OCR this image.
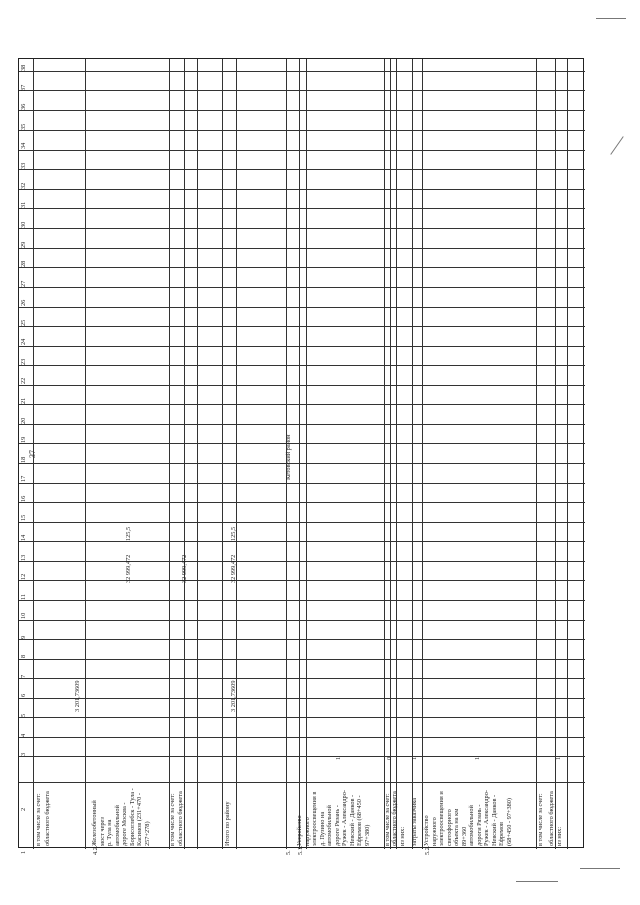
37
1
2
3
4
5
6
7
8
9
10
11
12
13
14
15
16
17
18
19
20
21
22
23
24
25
26
27
28
29
30
31
32
33
34
35
36
37
38
в том числе за счет: областного бюджета
3 201,73609
4.2.
Железобетонный
мост через
р. Тула на
автомобильной
дороге Москва -
Борисоглебск - Тула -
Касимов (231+470 -
257+278)
32 999,472
125,5
в том числе за счет:
областного бюджета
32 999,472
Итого по району
3 201,73609
32 999,472
125,5
5.
Кетовский район
5.1.
Устройство
наружного
электроосвещения в
д. Пузино на
автомобильной
дороге Рязань -
Ружек - Александро-
Невский - Данков -
Ефремов (68+450 -
97+380)
1
в том числе за счет:
0
областного бюджета
из них: затраты заказчика
1
5.2.
Устройство
наружного
электроосвещения и
светофорного
объекта на км
89+360
автомобильной
дороги Рязань -
Ружек - Александро-
Невский - Данков -
Ефремов
(68+450 - 97+380)
1
в том числе за счет: областного бюджета
из них:
1
